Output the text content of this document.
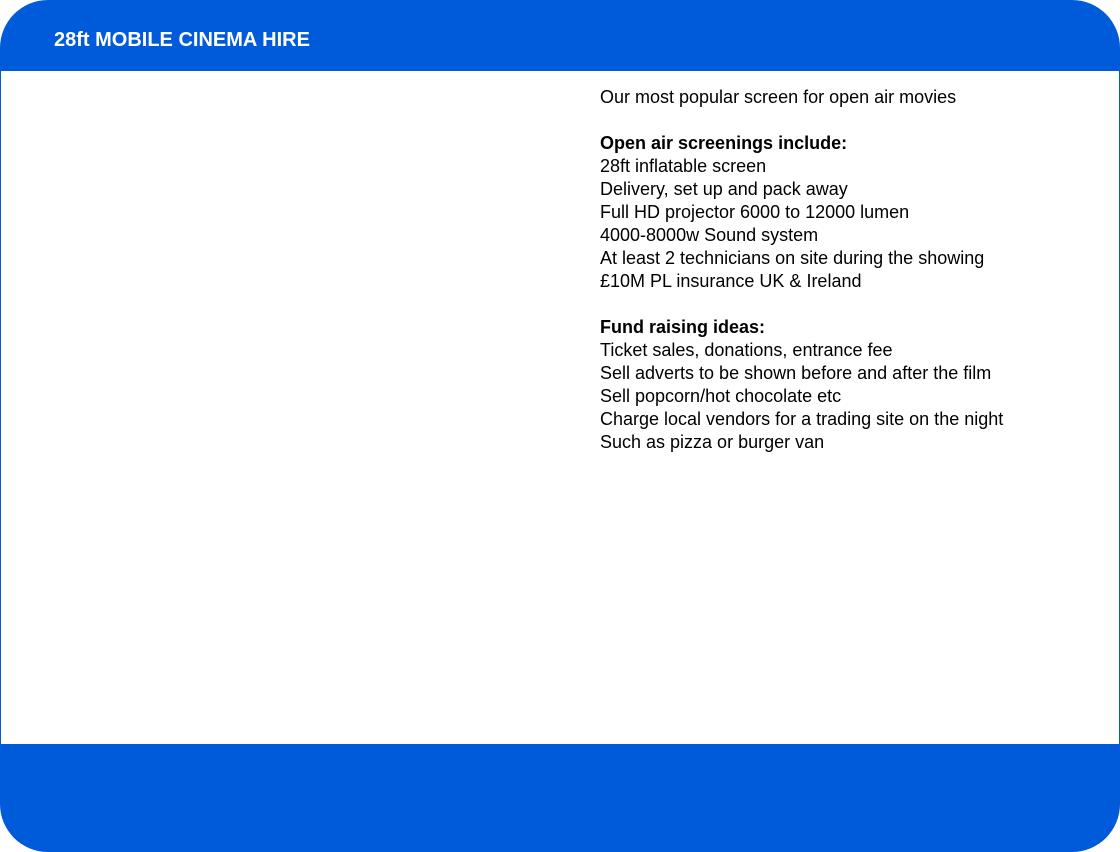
28ft MOBILE CINEMA HIRE

Our most popular screen for open air movies

Open air screenings include:

28ft inflatable screen

Delivery, set up and pack away

Full HD projector 6000 to 12000 lumen

4000-8000w Sound system

At least 2 technicians on site during the showing

£10M PL insurance UK & Ireland

Fund raising ideas:

Ticket sales, donations, entrance fee

Sell adverts to be shown before and after the film

Sell popcorn/hot chocolate etc

Charge local vendors for a trading site on the night

Such as pizza or burger van
